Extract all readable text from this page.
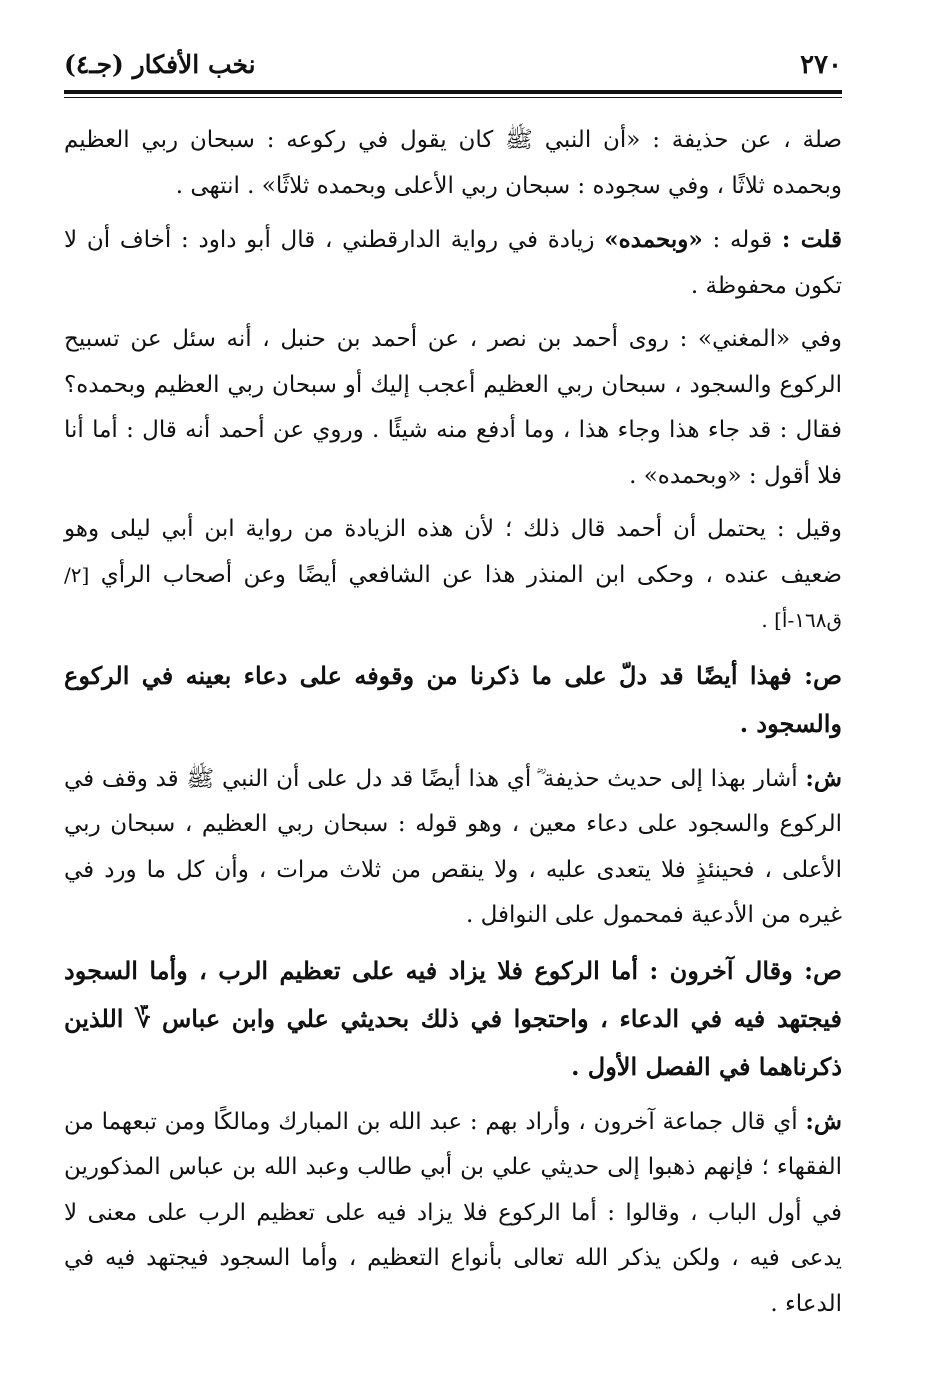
٢٧٠
نخب الأفكار (جـ٤)

صلة ، عن حذيفة : «أن النبي ﷺ كان يقول في ركوعه : سبحان ربي العظيم وبحمده ثلاثًا ، وفي سجوده : سبحان ربي الأعلى وبحمده ثلاثًا» . انتهى .

قلت : قوله : «وبحمده» زيادة في رواية الدارقطني ، قال أبو داود : أخاف أن لا تكون محفوظة .

وفي «المغني» : روى أحمد بن نصر ، عن أحمد بن حنبل ، أنه سئل عن تسبيح الركوع والسجود ، سبحان ربي العظيم أعجب إليك أو سبحان ربي العظيم وبحمده؟ فقال : قد جاء هذا وجاء هذا ، وما أدفع منه شيئًا . وروي عن أحمد أنه قال : أما أنا فلا أقول : «وبحمده» .

وقيل : يحتمل أن أحمد قال ذلك ؛ لأن هذه الزيادة من رواية ابن أبي ليلى وهو ضعيف عنده ، وحكى ابن المنذر هذا عن الشافعي أيضًا وعن أصحاب الرأي [٢/ ق١٦٨-أ] .

ص: فهذا أيضًا قد دلّ على ما ذكرنا من وقوفه على دعاء بعينه في الركوع والسجود .

ش: أشار بهذا إلى حديث حذيفة ؓ أي هذا أيضًا قد دل على أن النبي ﷺ قد وقف في الركوع والسجود على دعاء معين ، وهو قوله : سبحان ربي العظيم ، سبحان ربي الأعلى ، فحينئذٍ فلا يتعدى عليه ، ولا ينقص من ثلاث مرات ، وأن كل ما ورد في غيره من الأدعية فمحمول على النوافل .

ص: وقال آخرون : أما الركوع فلا يزاد فيه على تعظيم الرب ، وأما السجود فيجتهد فيه في الدعاء ، واحتجوا في ذلك بحديثي علي وابن عباس ؆ اللذين ذكرناهما في الفصل الأول .

ش: أي قال جماعة آخرون ، وأراد بهم : عبد الله بن المبارك ومالكًا ومن تبعهما من الفقهاء ؛ فإنهم ذهبوا إلى حديثي علي بن أبي طالب وعبد الله بن عباس المذكورين في أول الباب ، وقالوا : أما الركوع فلا يزاد فيه على تعظيم الرب على معنى لا يدعى فيه ، ولكن يذكر الله تعالى بأنواع التعظيم ، وأما السجود فيجتهد فيه في الدعاء .
